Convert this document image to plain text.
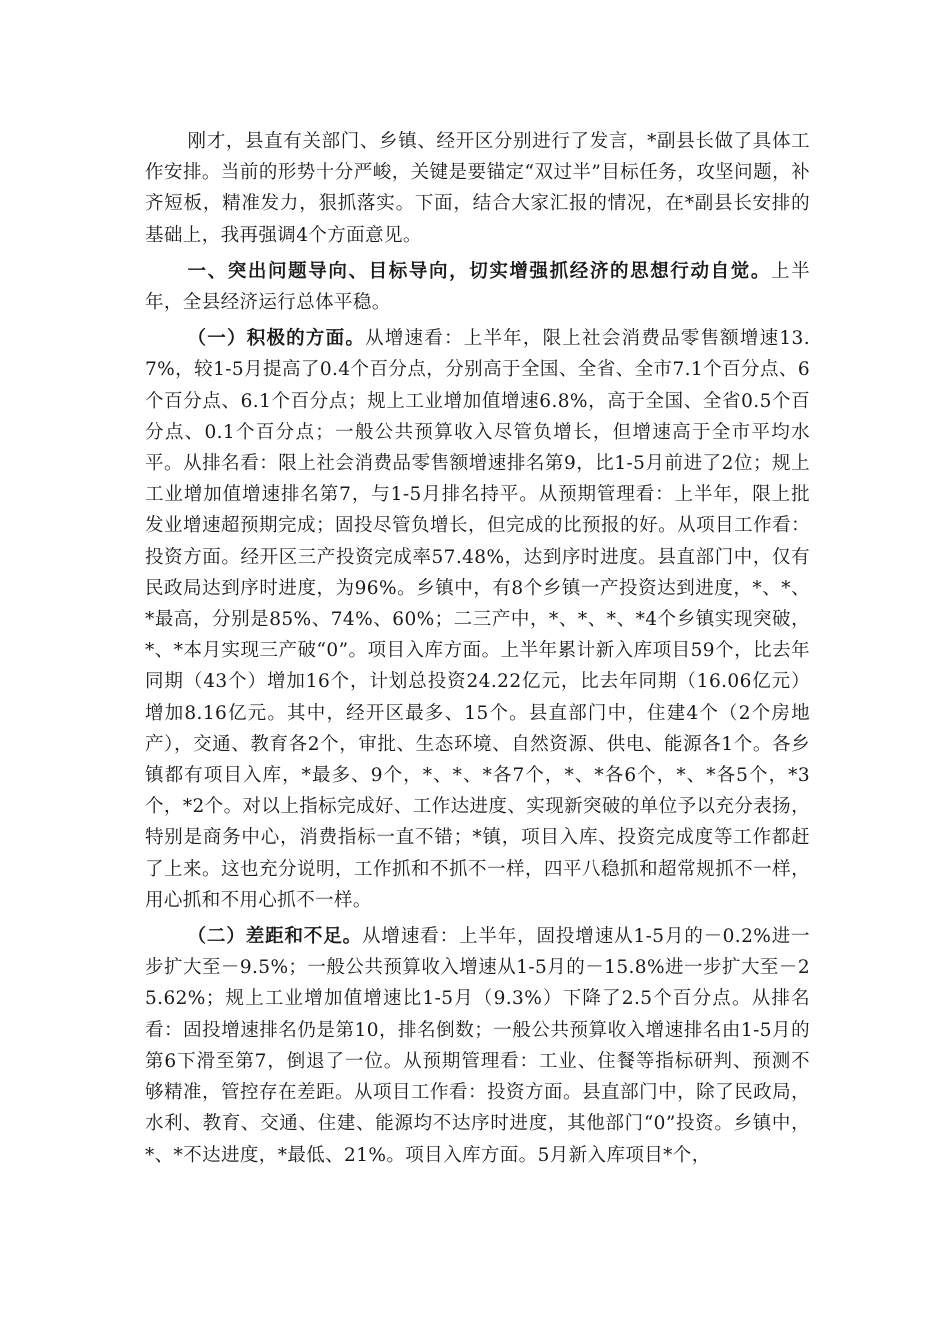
刚才，县直有关部门、乡镇、经开区分别进行了发言，*副县长做了具体工作安排。当前的形势十分严峻，关键是要锚定“双过半”目标任务，攻坚问题，补齐短板，精准发力，狠抓落实。下面，结合大家汇报的情况，在*副县长安排的基础上，我再强调4个方面意见。

一、突出问题导向、目标导向，切实增强抓经济的思想行动自觉。上半年，全县经济运行总体平稳。

（一）积极的方面。从增速看：上半年，限上社会消费品零售额增速13.7%，较1-5月提高了0.4个百分点，分别高于全国、全省、全市7.1个百分点、6个百分点、6.1个百分点；规上工业增加值增速6.8%，高于全国、全省0.5个百分点、0.1个百分点；一般公共预算收入尽管负增长，但增速高于全市平均水平。从排名看：限上社会消费品零售额增速排名第9，比1-5月前进了2位；规上工业增加值增速排名第7，与1-5月排名持平。从预期管理看：上半年，限上批发业增速超预期完成；固投尽管负增长，但完成的比预报的好。从项目工作看：投资方面。经开区三产投资完成率57.48%，达到序时进度。县直部门中，仅有民政局达到序时进度，为96%。乡镇中，有8个乡镇一产投资达到进度，*、*、*最高，分别是85%、74%、60%；二三产中，*、*、*、*4个乡镇实现突破，*、*本月实现三产破“0”。项目入库方面。上半年累计新入库项目59个，比去年同期（43个）增加16个，计划总投资24.22亿元，比去年同期（16.06亿元）增加8.16亿元。其中，经开区最多、15个。县直部门中，住建4个（2个房地产），交通、教育各2个，审批、生态环境、自然资源、供电、能源各1个。各乡镇都有项目入库，*最多、9个，*、*、*各7个，*、*各6个，*、*各5个，*3个，*2个。对以上指标完成好、工作达进度、实现新突破的单位予以充分表扬，特别是商务中心，消费指标一直不错；*镇，项目入库、投资完成度等工作都赶了上来。这也充分说明，工作抓和不抓不一样，四平八稳抓和超常规抓不一样，用心抓和不用心抓不一样。

（二）差距和不足。从增速看：上半年，固投增速从1-5月的－0.2%进一步扩大至－9.5%；一般公共预算收入增速从1-5月的－15.8%进一步扩大至－25.62%；规上工业增加值增速比1-5月（9.3%）下降了2.5个百分点。从排名看：固投增速排名仍是第10，排名倒数；一般公共预算收入增速排名由1-5月的第6下滑至第7，倒退了一位。从预期管理看：工业、住餐等指标研判、预测不够精准，管控存在差距。从项目工作看：投资方面。县直部门中，除了民政局，水利、教育、交通、住建、能源均不达序时进度，其他部门“0”投资。乡镇中，*、*不达进度，*最低、21%。项目入库方面。5月新入库项目*个，
